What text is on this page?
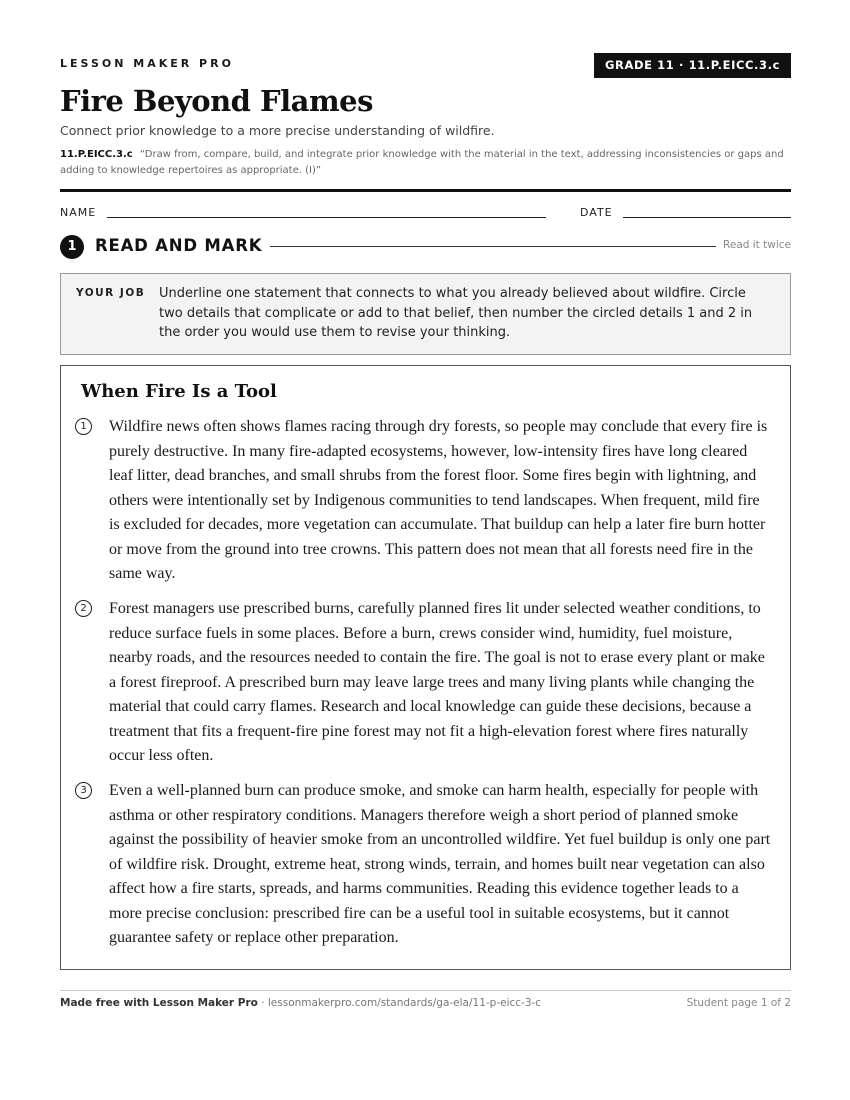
LESSON MAKER PRO	GRADE 11 · 11.P.EICC.3.c
Fire Beyond Flames
Connect prior knowledge to a more precise understanding of wildfire.
11.P.EICC.3.c “Draw from, compare, build, and integrate prior knowledge with the material in the text, addressing inconsistencies or gaps and adding to knowledge repertoires as appropriate. (I)”
NAME	DATE
1	READ AND MARK	Read it twice
YOUR JOB Underline one statement that connects to what you already believed about wildfire. Circle two details that complicate or add to that belief, then number the circled details 1 and 2 in the order you would use them to revise your thinking.
When Fire Is a Tool
1	Wildfire news often shows flames racing through dry forests, so people may conclude that every fire is purely destructive. In many fire-adapted ecosystems, however, low-intensity fires have long cleared leaf litter, dead branches, and small shrubs from the forest floor. Some fires begin with lightning, and others were intentionally set by Indigenous communities to tend landscapes. When frequent, mild fire is excluded for decades, more vegetation can accumulate. That buildup can help a later fire burn hotter or move from the ground into tree crowns. This pattern does not mean that all forests need fire in the same way.

2	Forest managers use prescribed burns, carefully planned fires lit under selected weather conditions, to reduce surface fuels in some places. Before a burn, crews consider wind, humidity, fuel moisture, nearby roads, and the resources needed to contain the fire. The goal is not to erase every plant or make a forest fireproof. A prescribed burn may leave large trees and many living plants while changing the material that could carry flames. Research and local knowledge can guide these decisions, because a treatment that fits a frequent-fire pine forest may not fit a high-elevation forest where fires naturally occur less often.

3	Even a well-planned burn can produce smoke, and smoke can harm health, especially for people with asthma or other respiratory conditions. Managers therefore weigh a short period of planned smoke against the possibility of heavier smoke from an uncontrolled wildfire. Yet fuel buildup is only one part of wildfire risk. Drought, extreme heat, strong winds, terrain, and homes built near vegetation can also affect how a fire starts, spreads, and harms communities. Reading this evidence together leads to a more precise conclusion: prescribed fire can be a useful tool in suitable ecosystems, but it cannot guarantee safety or replace other preparation.

Made free with Lesson Maker Pro · lessonmakerpro.com/standards/ga-ela/11-p-eicc-3-c	Student page 1 of 2
